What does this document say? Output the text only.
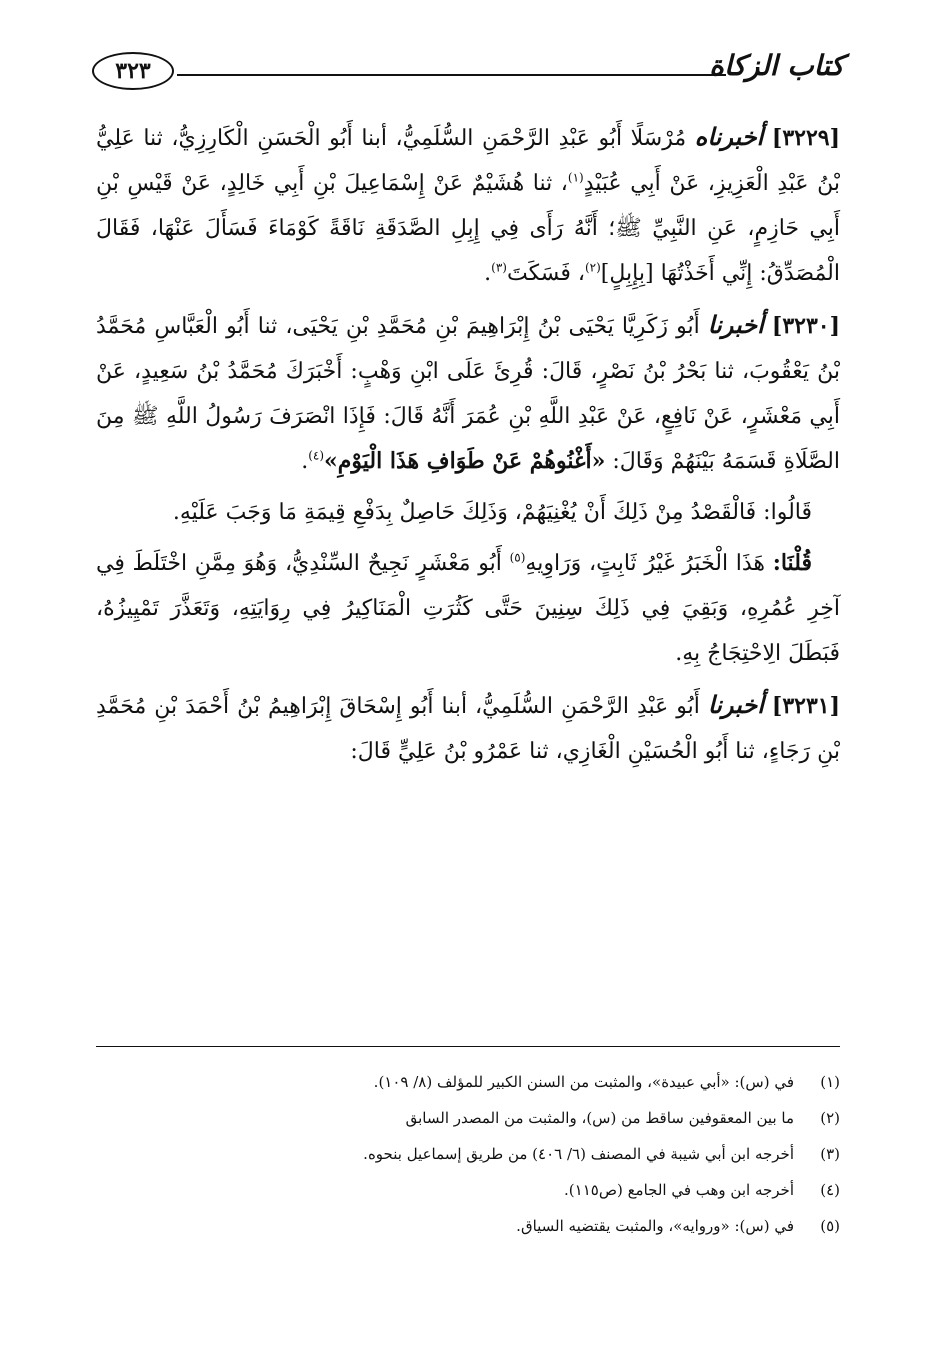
كتاب الزكاة
٣٢٣

[٣٢٢٩] أخبرناه مُرْسَلًا أَبُو عَبْدِ الرَّحْمَنِ السُّلَمِيُّ، أبنا أَبُو الْحَسَنِ الْكَارِزِيُّ، ثنا عَلِيُّ بْنُ عَبْدِ الْعَزِيزِ، عَنْ أَبِي عُبَيْدٍ$^{(١)}$، ثنا هُشَيْمٌ عَنْ إِسْمَاعِيلَ بْنِ أَبِي خَالِدٍ، عَنْ قَيْسِ بْنِ أَبِي حَازِمٍ، عَنِ النَّبِيِّ ﷺ؛ أَنَّهُ رَأَى فِي إِبِلِ الصَّدَقَةِ نَاقَةً كَوْمَاءَ فَسَأَلَ عَنْهَا، فَقَالَ الْمُصَدِّقُ: إِنِّي أَخَذْتُهَا [بِإِبِلٍ]$^{(٢)}$، فَسَكَتَ$^{(٣)}$.

[٣٢٣٠] أخبرنا أَبُو زَكَرِيَّا يَحْيَى بْنُ إِبْرَاهِيمَ بْنِ مُحَمَّدِ بْنِ يَحْيَى، ثنا أَبُو الْعَبَّاسِ مُحَمَّدُ بْنُ يَعْقُوبَ، ثنا بَحْرُ بْنُ نَصْرٍ، قَالَ: قُرِئَ عَلَى ابْنِ وَهْبٍ: أَخْبَرَكَ مُحَمَّدُ بْنُ سَعِيدٍ، عَنْ أَبِي مَعْشَرٍ، عَنْ نَافِعٍ، عَنْ عَبْدِ اللَّهِ بْنِ عُمَرَ أَنَّهُ قَالَ: فَإِذَا انْصَرَفَ رَسُولُ اللَّهِ ﷺ مِنَ الصَّلَاةِ قَسَمَهُ بَيْنَهُمْ وَقَالَ: «أَغْنُوهُمْ عَنْ طَوَافِ هَذَا الْيَوْمِ»$^{(٤)}$.

قَالُوا: فَالْقَصْدُ مِنْ ذَلِكَ أَنْ يُغْنِيَهُمْ، وَذَلِكَ حَاصِلٌ بِدَفْعِ قِيمَةِ مَا وَجَبَ عَلَيْهِ.

قُلْنَا: هَذَا الْخَبَرُ غَيْرُ ثَابِتٍ، وَرَاوِيهِ$^{(٥)}$ أَبُو مَعْشَرٍ نَجِيحٌ السِّنْدِيُّ، وَهُوَ مِمَّنِ اخْتَلَطَ فِي آخِرِ عُمُرِهِ، وَبَقِيَ فِي ذَلِكَ سِنِينَ حَتَّى كَثُرَتِ الْمَنَاكِيرُ فِي رِوَايَتِهِ، وَتَعَذَّرَ تَمْيِيزُهُ، فَبَطَلَ الِاحْتِجَاجُ بِهِ.

[٣٢٣١] أخبرنا أَبُو عَبْدِ الرَّحْمَنِ السُّلَمِيُّ، أبنا أَبُو إِسْحَاقَ إِبْرَاهِيمُ بْنُ أَحْمَدَ بْنِ مُحَمَّدِ بْنِ رَجَاءٍ، ثنا أَبُو الْحُسَيْنِ الْغَازِي، ثنا عَمْرُو بْنُ عَلِيٍّ قَالَ:

(١)في (س): «أبي عبيدة»، والمثبت من السنن الكبير للمؤلف (٨/ ١٠٩).
(٢)ما بين المعقوفين ساقط من (س)، والمثبت من المصدر السابق
(٣)أخرجه ابن أبي شيبة في المصنف (٦/ ٤٠٦) من طريق إسماعيل بنحوه.
(٤)أخرجه ابن وهب في الجامع (ص١١٥).
(٥)في (س): «وروايه»، والمثبت يقتضيه السياق.
